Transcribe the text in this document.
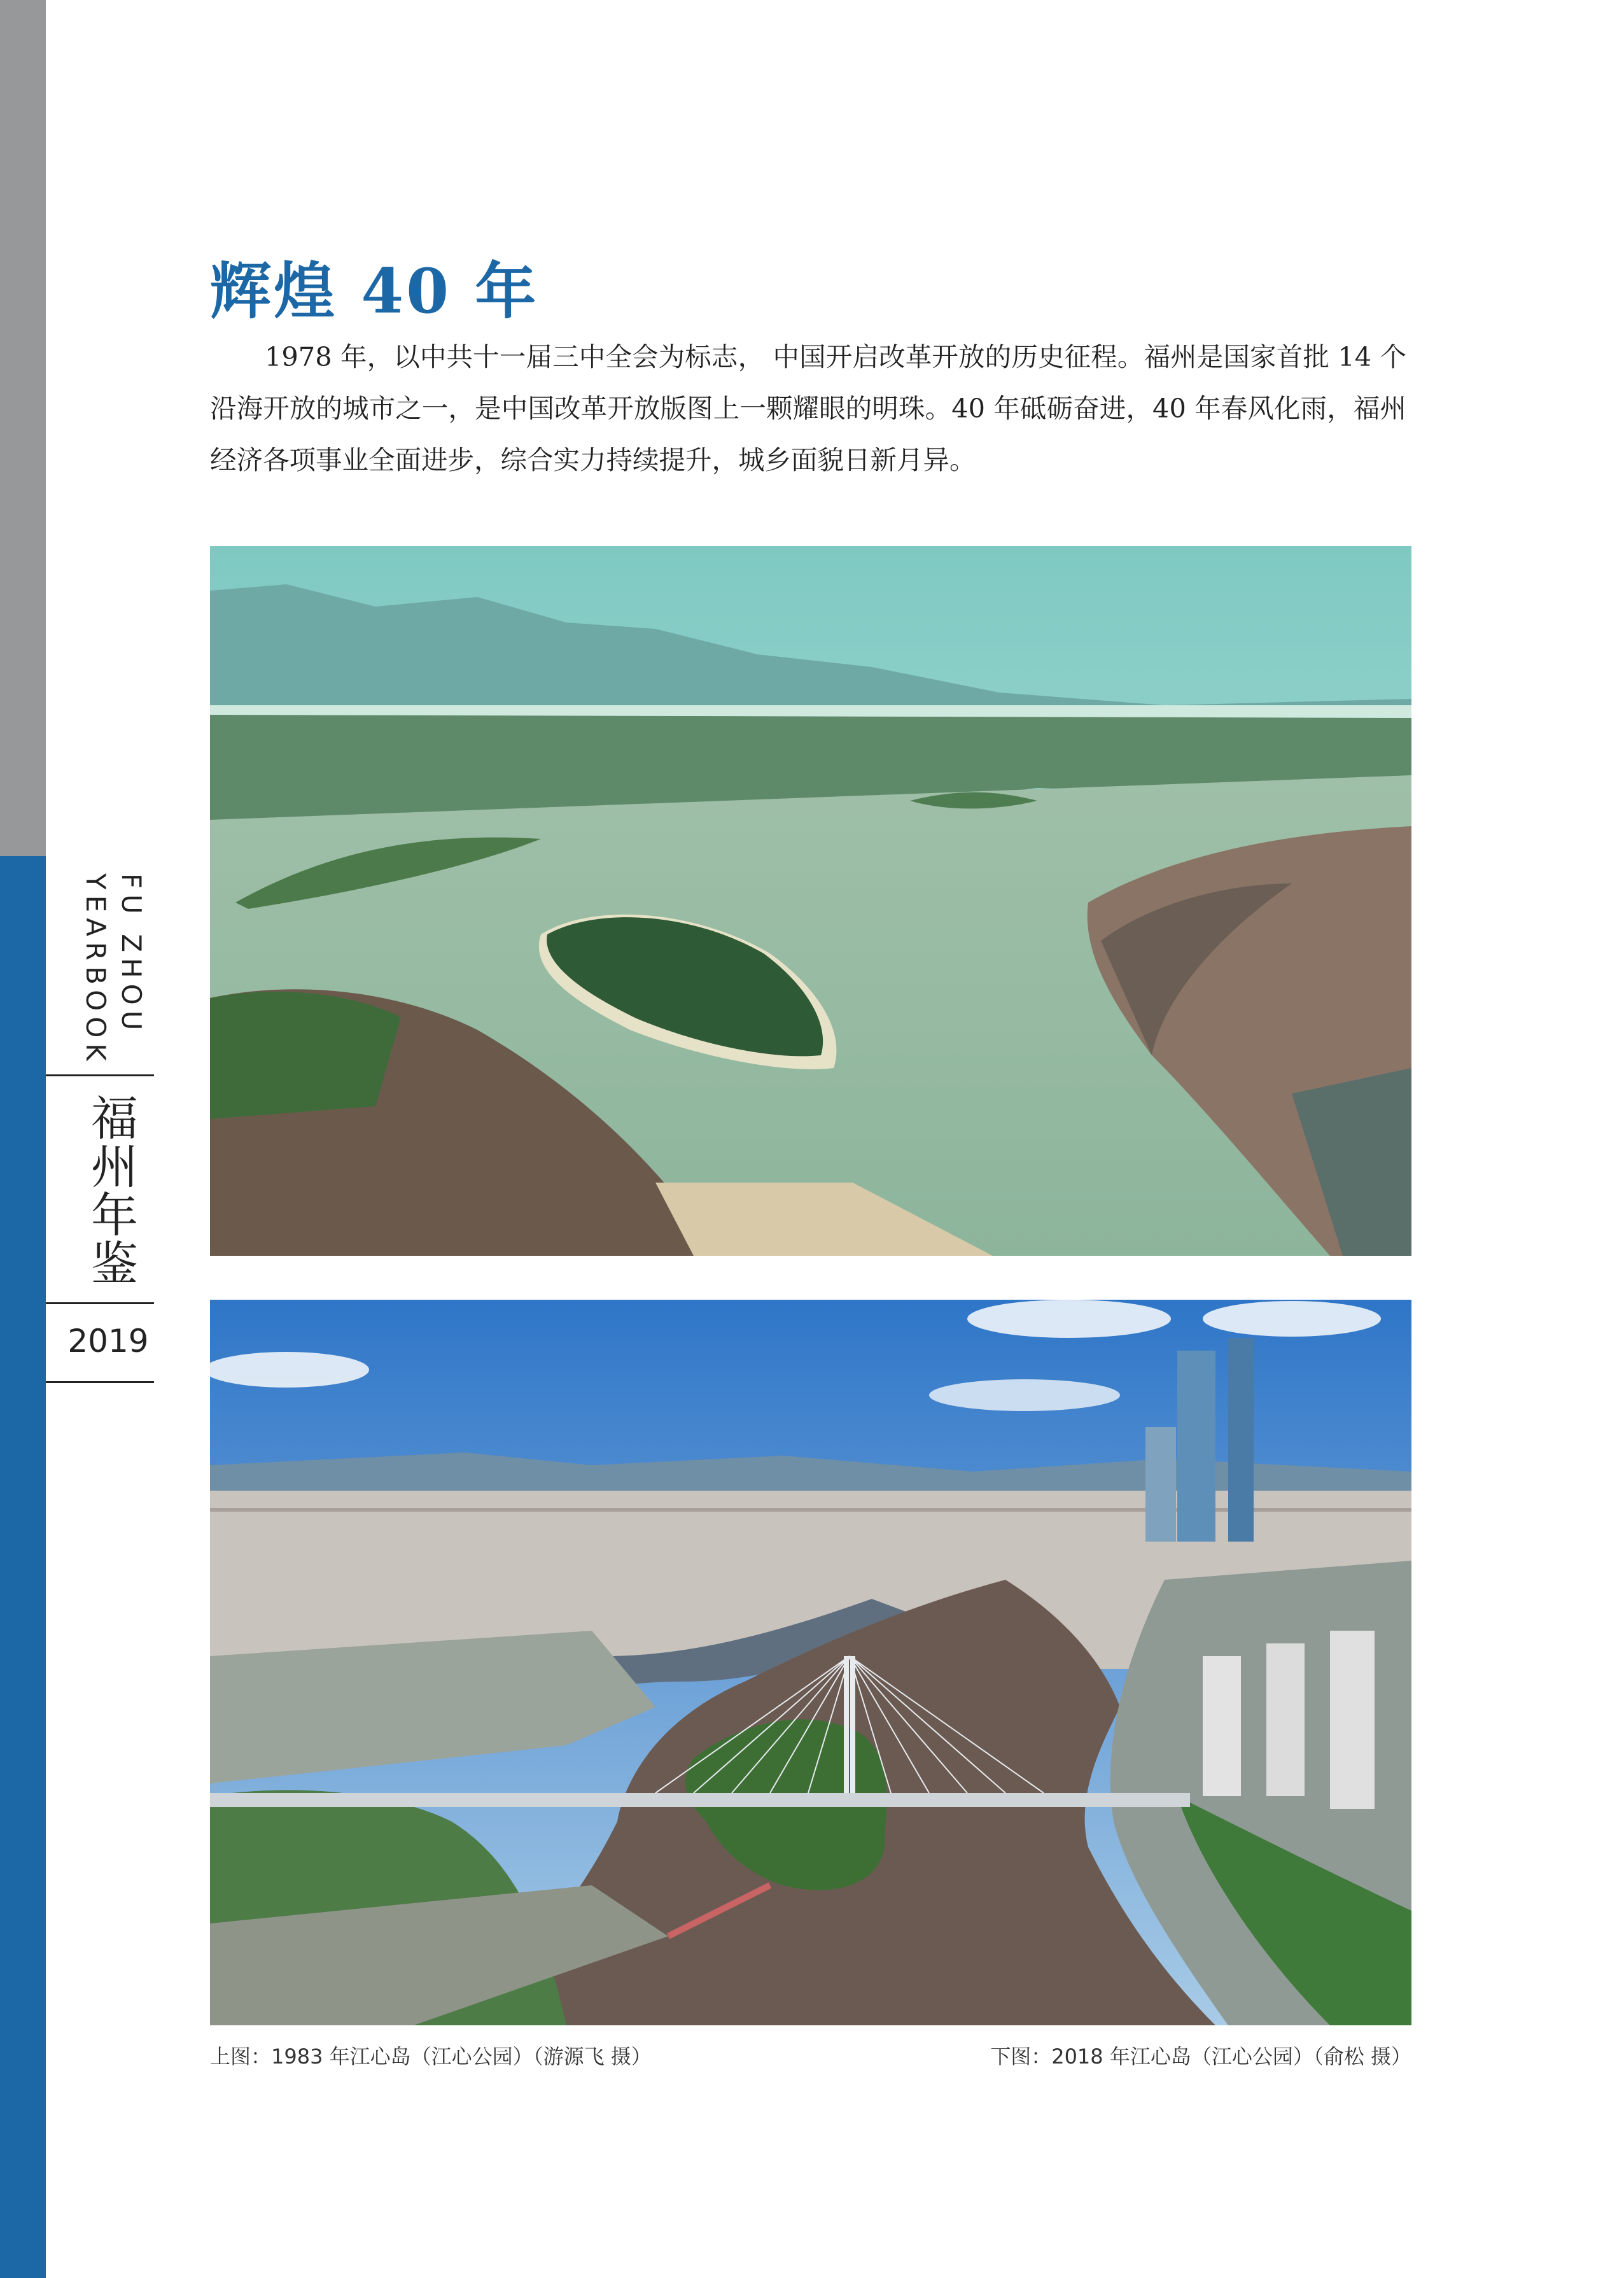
FU ZHOU
YEARBOOK
福州年鉴
2019
辉煌 40 年

1978 年，以中共十一届三中全会为标志， 中国开启改革开放的历史征程。福州是国家首批 14 个沿海开放的城市之一，是中国改革开放版图上一颗耀眼的明珠。40 年砥砺奋进，40 年春风化雨，福州经济各项事业全面进步，综合实力持续提升，城乡面貌日新月异。

上图：1983 年江心岛（江心公园）（游源飞 摄）	下图：2018 年江心岛（江心公园）（俞松 摄）
